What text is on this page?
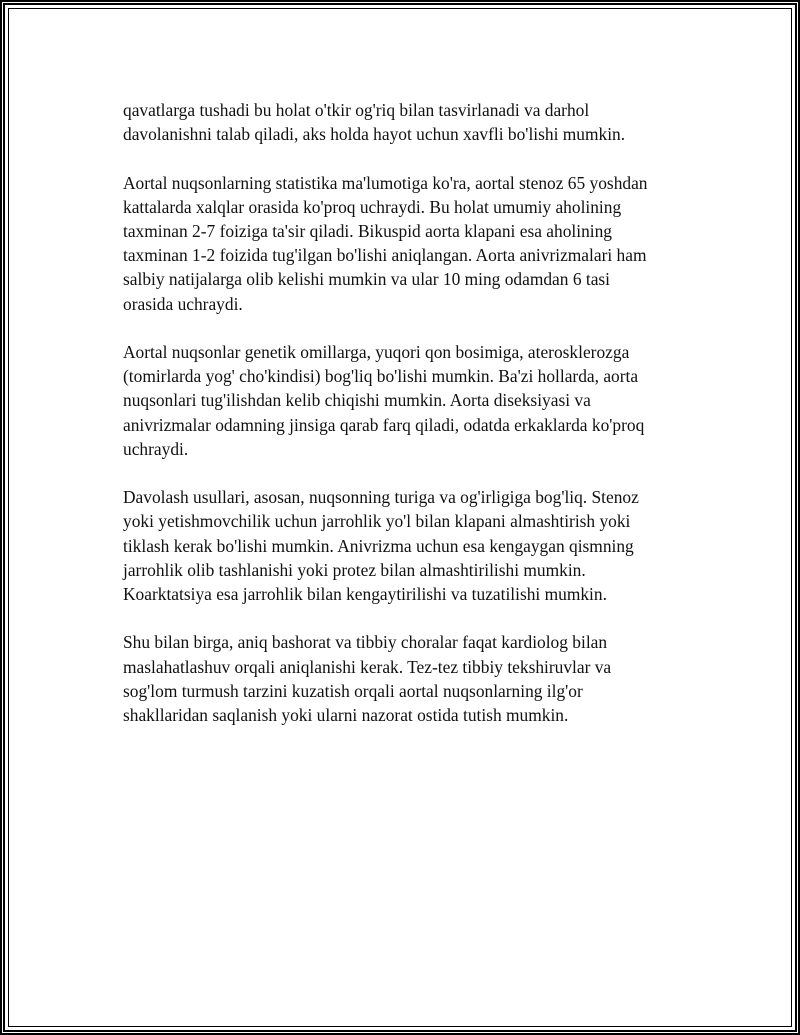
qavatlarga tushadi bu holat o'tkir og'riq bilan tasvirlanadi va darhol
davolanishni talab qiladi, aks holda hayot uchun xavfli bo'lishi mumkin.

Aortal nuqsonlarning statistika ma'lumotiga ko'ra, aortal stenoz 65 yoshdan
kattalarda xalqlar orasida ko'proq uchraydi. Bu holat umumiy aholining
taxminan 2-7 foiziga ta'sir qiladi. Bikuspid aorta klapani esa aholining
taxminan 1-2 foizida tug'ilgan bo'lishi aniqlangan. Aorta anivrizmalari ham
salbiy natijalarga olib kelishi mumkin va ular 10 ming odamdan 6 tasi
orasida uchraydi.

Aortal nuqsonlar genetik omillarga, yuqori qon bosimiga, aterosklerozga
(tomirlarda yog' cho'kindisi) bog'liq bo'lishi mumkin. Ba'zi hollarda, aorta
nuqsonlari tug'ilishdan kelib chiqishi mumkin. Aorta diseksiyasi va
anivrizmalar odamning jinsiga qarab farq qiladi, odatda erkaklarda ko'proq
uchraydi.

Davolash usullari, asosan, nuqsonning turiga va og'irligiga bog'liq. Stenoz
yoki yetishmovchilik uchun jarrohlik yo'l bilan klapani almashtirish yoki
tiklash kerak bo'lishi mumkin. Anivrizma uchun esa kengaygan qismning
jarrohlik olib tashlanishi yoki protez bilan almashtirilishi mumkin.
Koarktatsiya esa jarrohlik bilan kengaytirilishi va tuzatilishi mumkin.

Shu bilan birga, aniq bashorat va tibbiy choralar faqat kardiolog bilan
maslahatlashuv orqali aniqlanishi kerak. Tez-tez tibbiy tekshiruvlar va
sog'lom turmush tarzini kuzatish orqali aortal nuqsonlarning ilg'or
shakllaridan saqlanish yoki ularni nazorat ostida tutish mumkin.
